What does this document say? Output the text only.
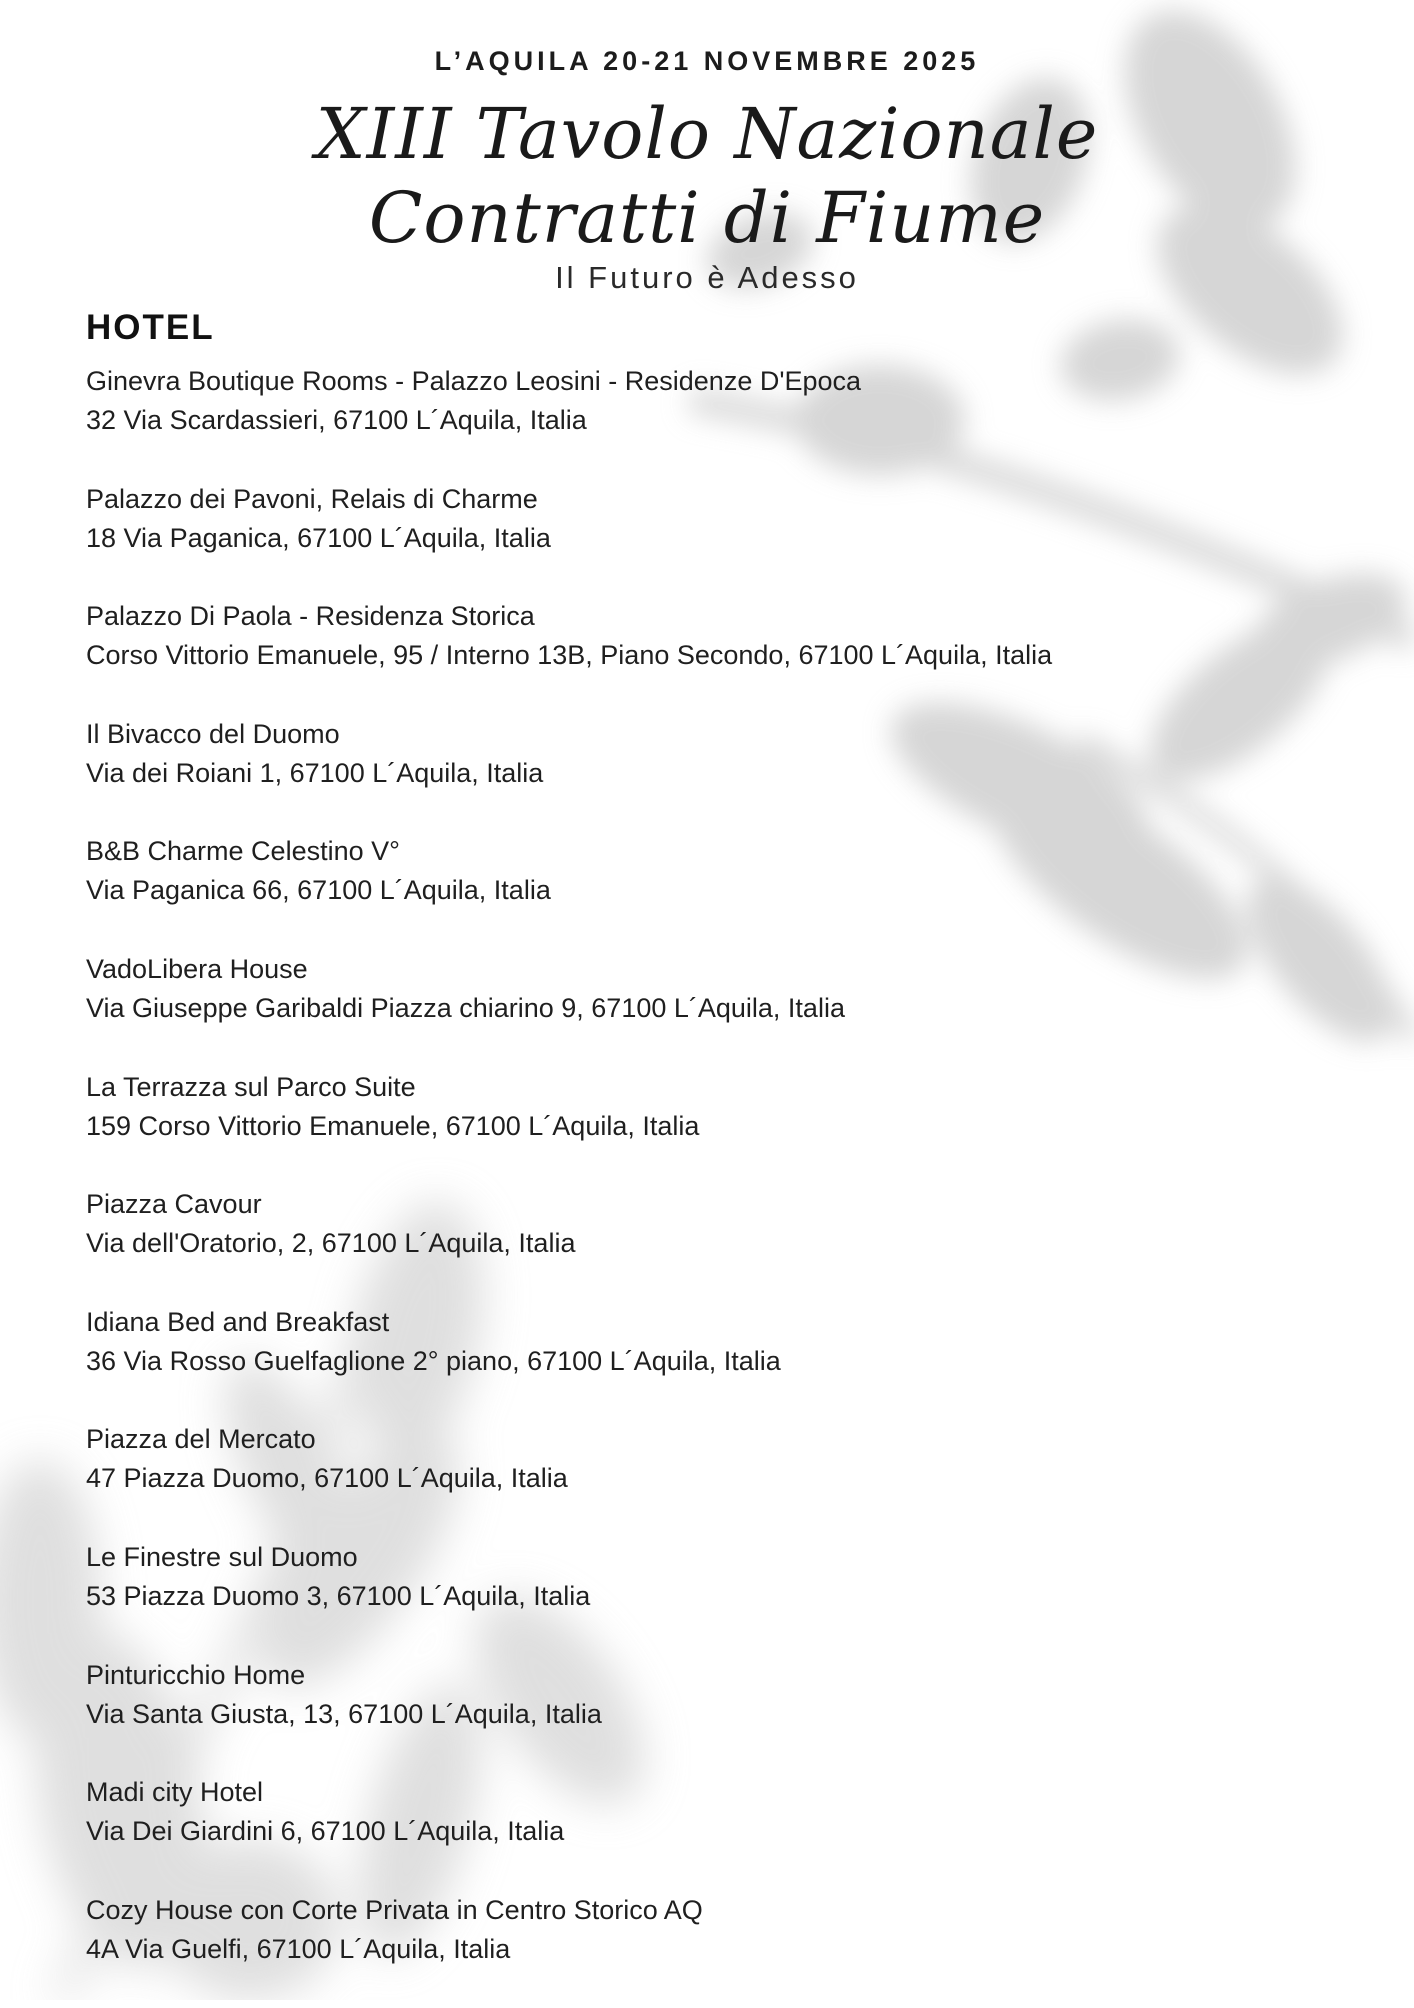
L’AQUILA 20-21 NOVEMBRE 2025
XIII Tavolo Nazionale
Contratti di Fiume
Il Futuro è Adesso
HOTEL
Ginevra Boutique Rooms - Palazzo Leosini - Residenze D'Epoca
32 Via Scardassieri, 67100 L´Aquila, Italia
Palazzo dei Pavoni, Relais di Charme
18 Via Paganica, 67100 L´Aquila, Italia
Palazzo Di Paola - Residenza Storica
Corso Vittorio Emanuele, 95 / Interno 13B, Piano Secondo, 67100 L´Aquila, Italia
Il Bivacco del Duomo
Via dei Roiani 1, 67100 L´Aquila, Italia
B&B Charme Celestino V°
Via Paganica 66, 67100 L´Aquila, Italia
VadoLibera House
Via Giuseppe Garibaldi Piazza chiarino 9, 67100 L´Aquila, Italia
La Terrazza sul Parco Suite
159 Corso Vittorio Emanuele, 67100 L´Aquila, Italia
Piazza Cavour
Via dell'Oratorio, 2, 67100 L´Aquila, Italia
Idiana Bed and Breakfast
36 Via Rosso Guelfaglione 2° piano, 67100 L´Aquila, Italia
Piazza del Mercato
47 Piazza Duomo, 67100 L´Aquila, Italia
Le Finestre sul Duomo
53 Piazza Duomo 3, 67100 L´Aquila, Italia
Pinturicchio Home
Via Santa Giusta, 13, 67100 L´Aquila, Italia
Madi city Hotel
Via Dei Giardini 6, 67100 L´Aquila, Italia
Cozy House con Corte Privata in Centro Storico AQ
4A Via Guelfi, 67100 L´Aquila, Italia
